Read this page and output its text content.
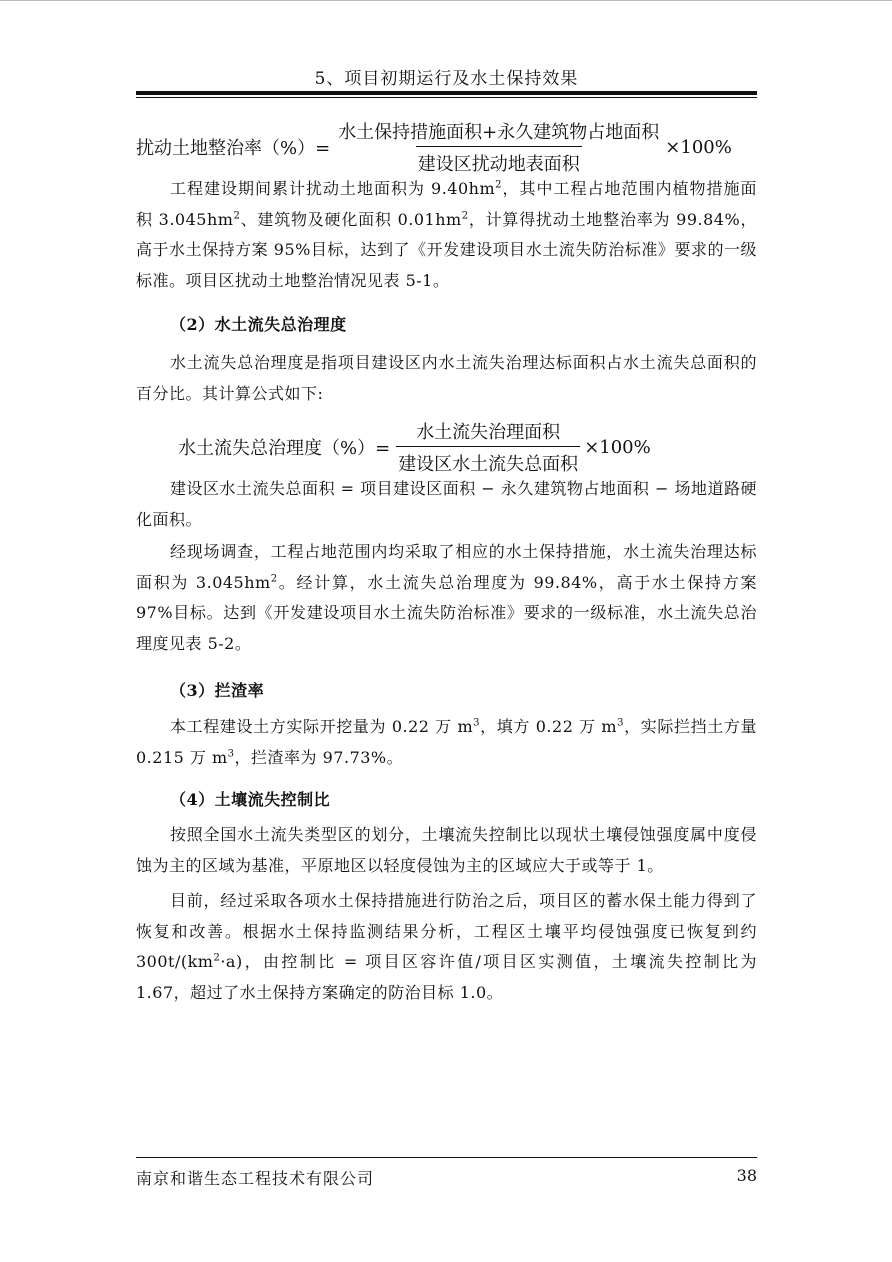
5、项目初期运行及水土保持效果
扰动土地整治率（%）= $\frac{\text{水土保持措施面积+永久建筑物占地面积}}{\text{建设区扰动地表面积}} \times 100\%$

工程建设期间累计扰动土地面积为 $9.40hm^2$，其中工程占地范围内植物措施面积 $3.045hm^2$、建筑物及硬化面积 $0.01hm^2$，计算得扰动土地整治率为 99.84%，高于水土保持方案 95%目标，达到了《开发建设项目水土流失防治标准》要求的一级标准。项目区扰动土地整治情况见表 5-1。

（2）水土流失总治理度

水土流失总治理度是指项目建设区内水土流失治理达标面积占水土流失总面积的百分比。其计算公式如下:

水土流失总治理度（%）= $\frac{\text{水土流失治理面积}}{\text{建设区水土流失总面积}} \times 100\%$

建设区水土流失总面积 = 项目建设区面积 − 永久建筑物占地面积 − 场地道路硬化面积。

经现场调查，工程占地范围内均采取了相应的水土保持措施，水土流失治理达标面积为 $3.045hm^2$。经计算，水土流失总治理度为 99.84%，高于水土保持方案 97%目标。达到《开发建设项目水土流失防治标准》要求的一级标准，水土流失总治理度见表 5-2。

（3）拦渣率

本工程建设土方实际开挖量为 0.22 万 $m^3$，填方 0.22 万 $m^3$，实际拦挡土方量 0.215 万 $m^3$，拦渣率为 97.73%。

（4）土壤流失控制比

按照全国水土流失类型区的划分，土壤流失控制比以现状土壤侵蚀强度属中度侵蚀为主的区域为基准，平原地区以轻度侵蚀为主的区域应大于或等于 1。

目前，经过采取各项水土保持措施进行防治之后，项目区的蓄水保土能力得到了恢复和改善。根据水土保持监测结果分析，工程区土壤平均侵蚀强度已恢复到约 $300t/(km^2\cdot a)$，由控制比 = 项目区容许值/项目区实测值，土壤流失控制比为 1.67，超过了水土保持方案确定的防治目标 1.0。

南京和谐生态工程技术有限公司	38
